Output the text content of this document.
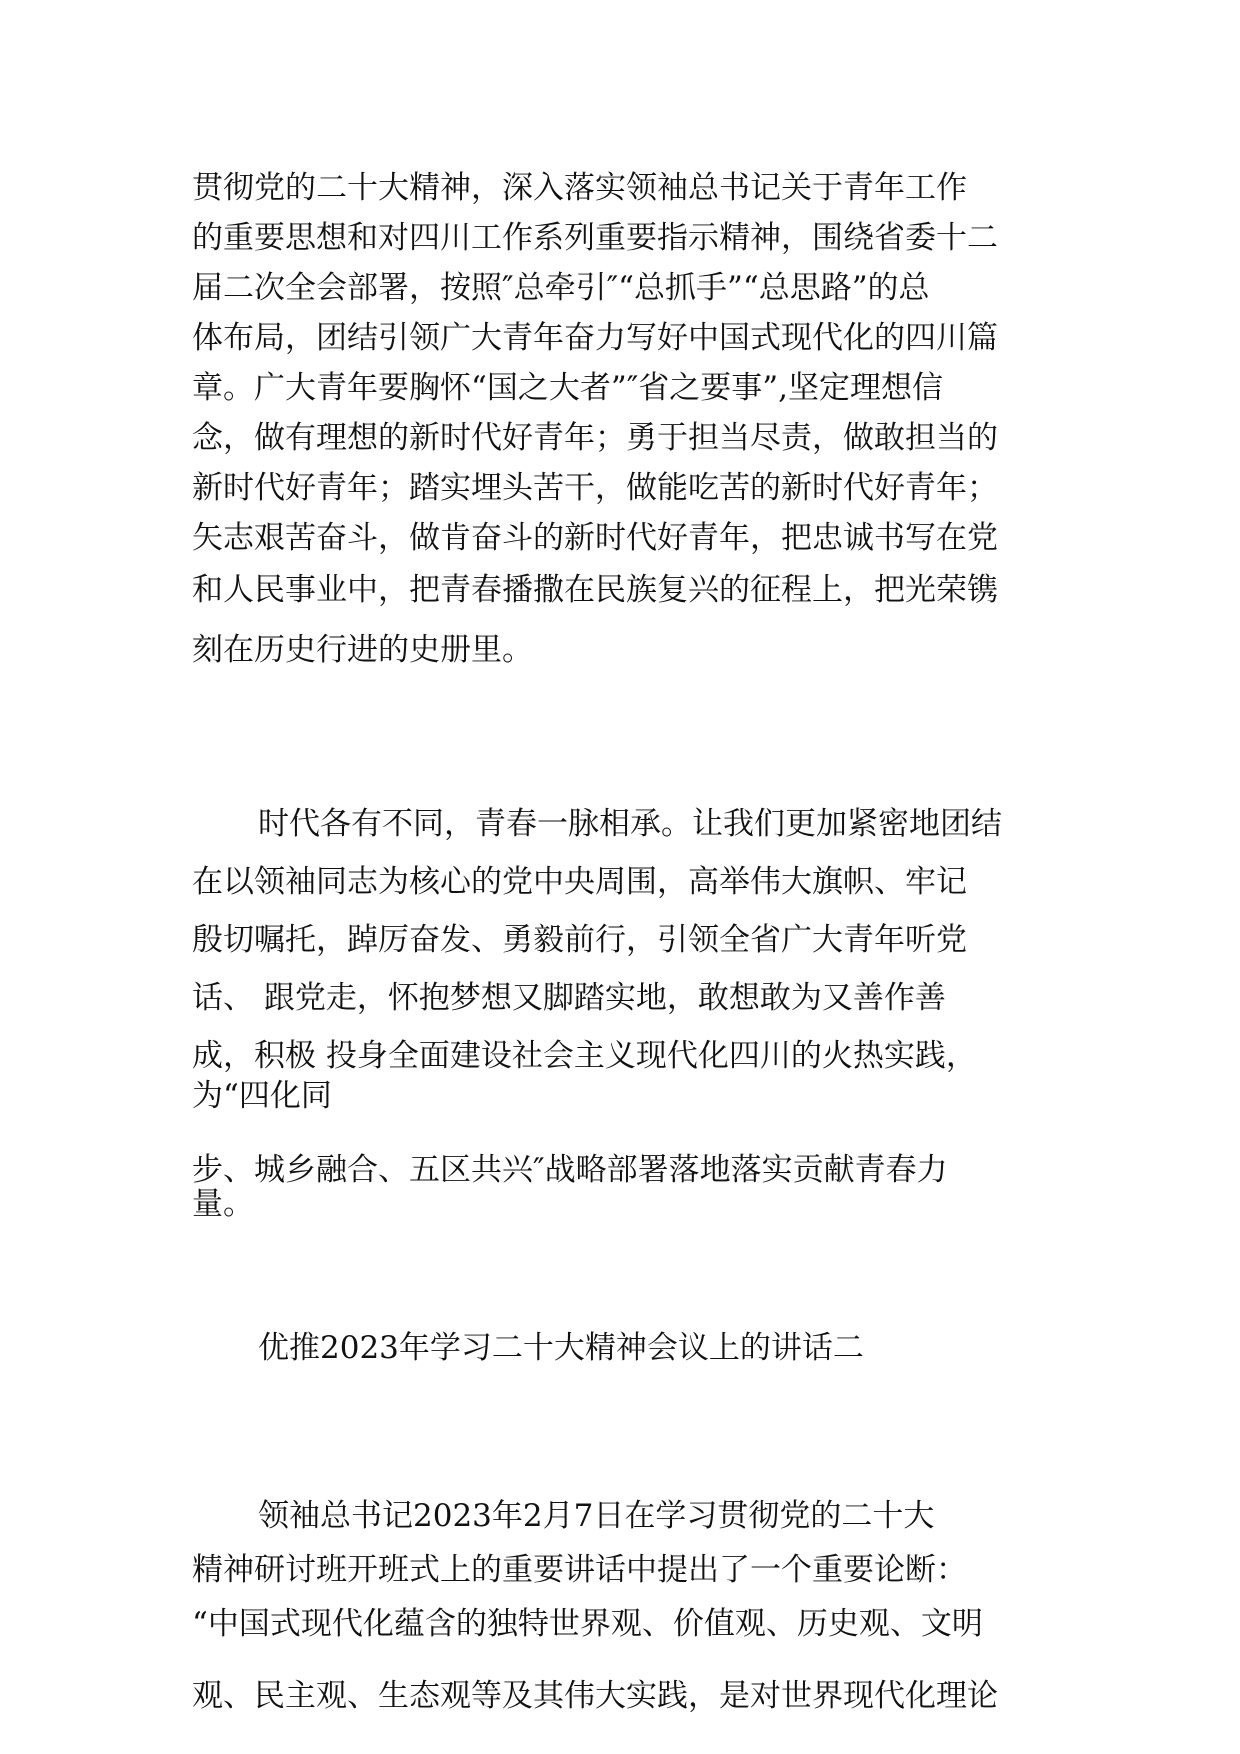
贯彻党的二十大精神，深入落实领袖总书记关于青年工作
的重要思想和对四川工作系列重要指示精神，围绕省委十二
届二次全会部署，按照″总牵引″“总抓手”“总思路”的总
体布局，团结引领广大青年奋力写好中国式现代化的四川篇
章。广大青年要胸怀“国之大者”″省之要事”,坚定理想信
念，做有理想的新时代好青年；勇于担当尽责，做敢担当的
新时代好青年；踏实埋头苦干，做能吃苦的新时代好青年；
矢志艰苦奋斗，做肯奋斗的新时代好青年，把忠诚书写在党
和人民事业中，把青春播撒在民族复兴的征程上，把光荣镌
刻在历史行进的史册里。
时代各有不同，青春一脉相承。让我们更加紧密地团结
在以领袖同志为核心的党中央周围，高举伟大旗帜、牢记
殷切嘱托，踔厉奋发、勇毅前行，引领全省广大青年听党
话、 跟党走，怀抱梦想又脚踏实地，敢想敢为又善作善
成，积极 投身全面建设社会主义现代化四川的火热实践，
为“四化同
步、城乡融合、五区共兴″战略部署落地落实贡献青春力
量。
优推2023年学习二十大精神会议上的讲话二
领袖总书记2023年2月7日在学习贯彻党的二十大
精神研讨班开班式上的重要讲话中提出了一个重要论断：
“中国式现代化蕴含的独特世界观、价值观、历史观、文明
观、民主观、生态观等及其伟大实践，是对世界现代化理论
